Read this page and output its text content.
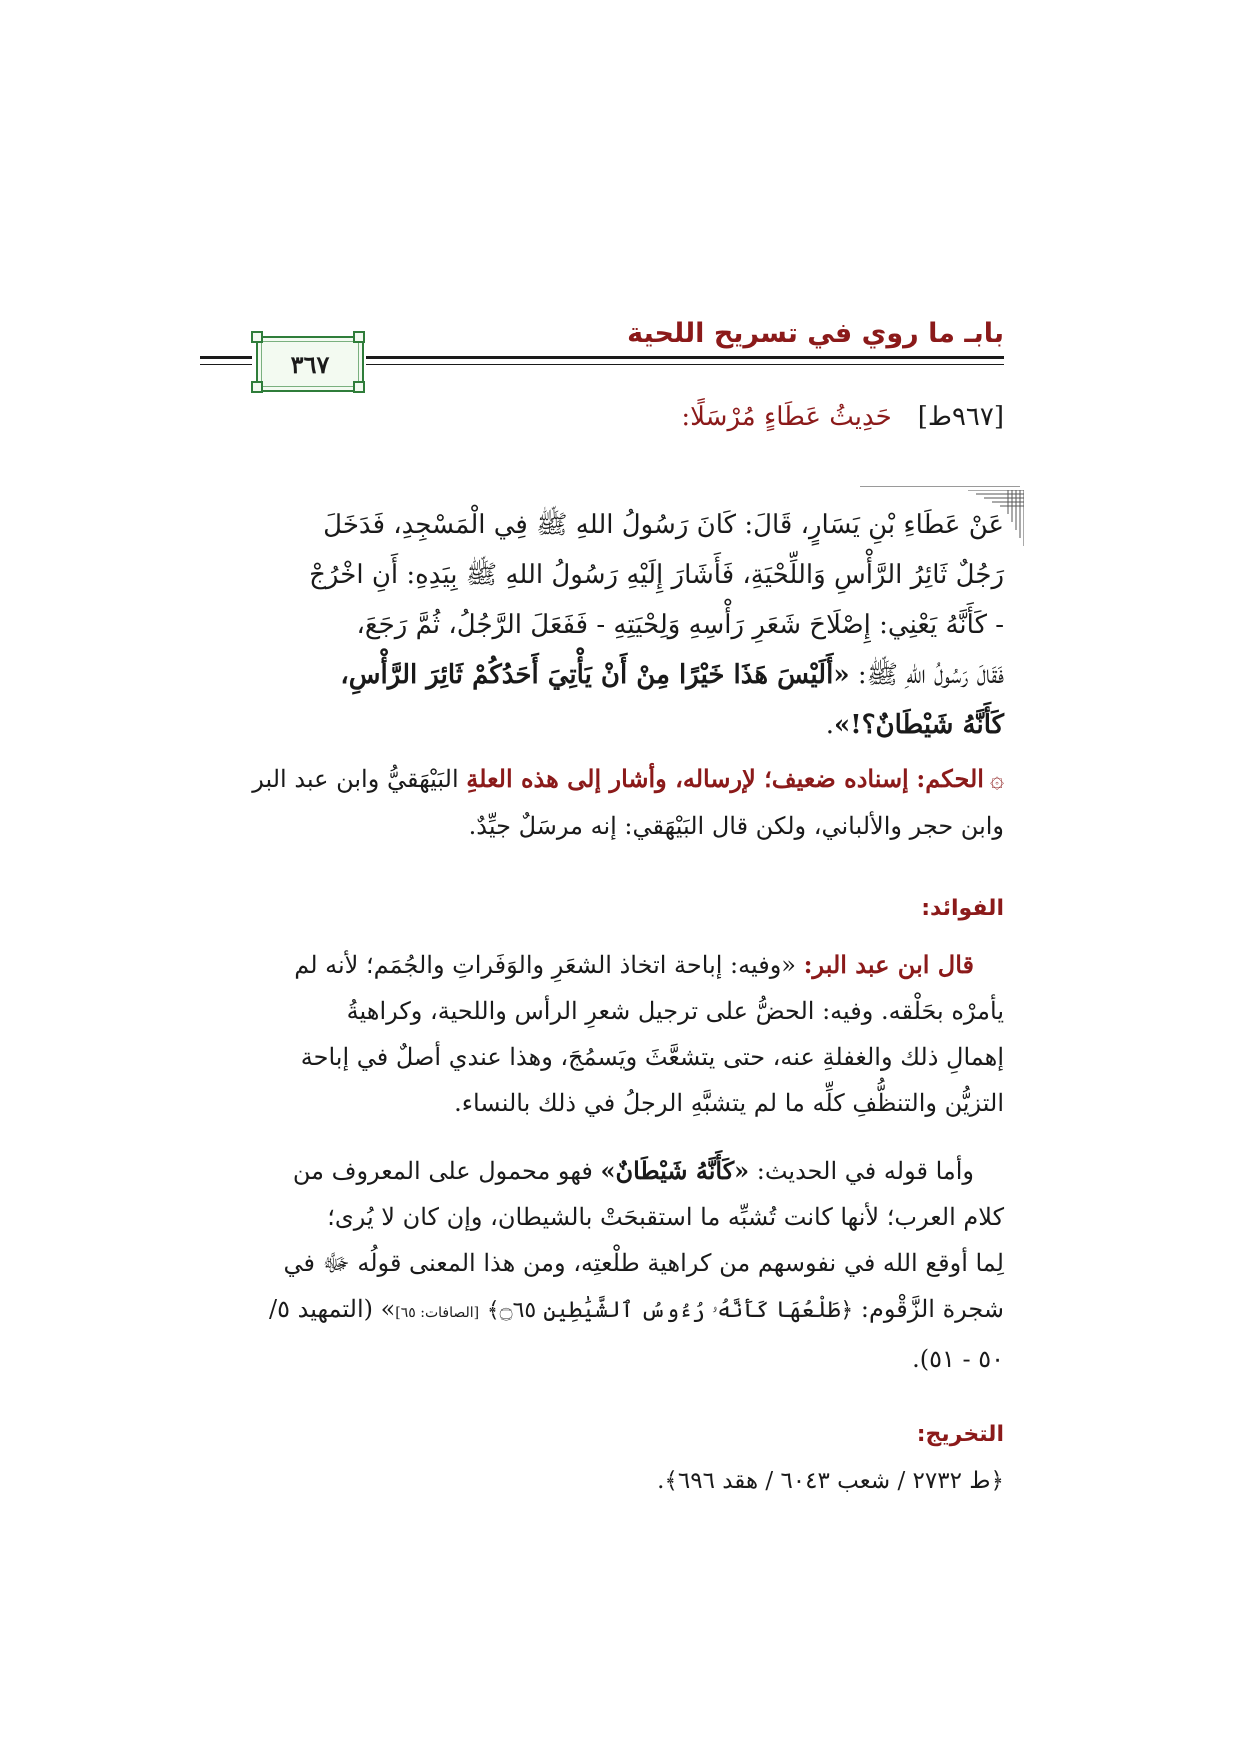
بابـ ما روي في تسريح اللحية
٣٦٧
[٩٦٧ط]حَدِيثُ عَطَاءٍ مُرْسَلًا:

عَنْ عَطَاءِ بْنِ يَسَارٍ، قَالَ: كَانَ رَسُولُ اللهِ ﷺ فِي الْمَسْجِدِ، فَدَخَلَ

رَجُلٌ ثَائِرُ الرَّأْسِ وَاللِّحْيَةِ، فَأَشَارَ إِلَيْهِ رَسُولُ اللهِ ﷺ بِيَدِهِ: أَنِ اخْرُجْ

- كَأَنَّهُ يَعْنِي: إِصْلَاحَ شَعَرِ رَأْسِهِ وَلِحْيَتِهِ - فَفَعَلَ الرَّجُلُ، ثُمَّ رَجَعَ،

فَقَالَ رَسُولُ اللهِ ﷺ: «أَلَيْسَ هَذَا خَيْرًا مِنْ أَنْ يَأْتِيَ أَحَدُكُمْ ثَائِرَ الرَّأْسِ،

كَأَنَّهُ شَيْطَانٌ؟!».

۞الحكم: إسناده ضعيف؛ لإرساله، وأشار إلى هذه العلةِ البَيْهَقيُّ وابن عبد البر

وابن حجر والألباني، ولكن قال البَيْهَقي: إنه مرسَلٌ جيِّدٌ.

الفوائد:

قال ابن عبد البر: «وفيه: إباحة اتخاذ الشعَرِ والوَفَراتِ والجُمَم؛ لأنه لم

يأمرْه بحَلْقه. وفيه: الحضُّ على ترجيل شعرِ الرأس واللحية، وكراهيةُ

إهمالِ ذلك والغفلةِ عنه، حتى يتشعَّثَ ويَسمُجَ، وهذا عندي أصلٌ في إباحة

التزيُّن والتنظُّفِ كلِّه ما لم يتشبَّهِ الرجلُ في ذلك بالنساء.

وأما قوله في الحديث: «كَأَنَّهُ شَيْطَانٌ» فهو محمول على المعروف من

كلام العرب؛ لأنها كانت تُشبِّه ما استقبحَتْ بالشيطان، وإن كان لا يُرى؛

لِما أوقع الله في نفوسهم من كراهية طلْعتِه، ومن هذا المعنى قولُه ﷻ في

شجرة الزَّقْوم: ﴿طَلْعُهَا كَأَنَّهُۥ رُءُوسُ ٱلشَّيَٰطِينِ ۝٦٥﴾ [الصافات: ٦٥]» (التمهيد ٥/

٥٠ - ٥١).

التخريج:
﴿ط ٢٧٣٢ / شعب ٦٠٤٣ / هقد ٦٩٦﴾.
